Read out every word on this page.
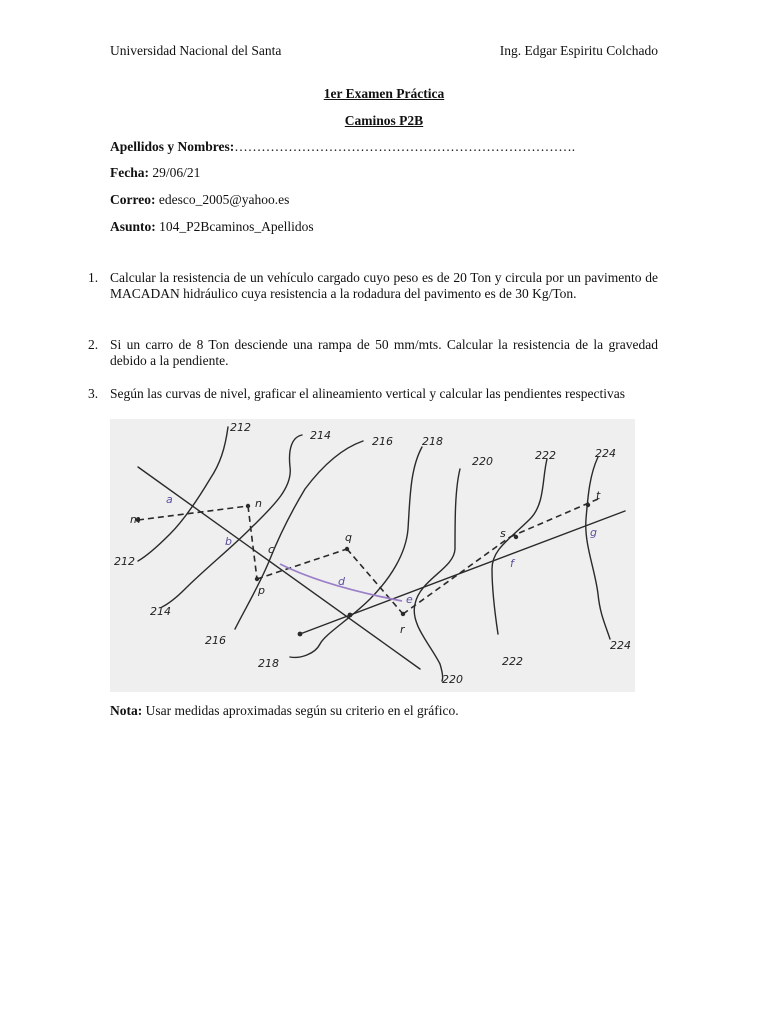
Universidad Nacional del Santa	Ing. Edgar Espiritu Colchado
1er Examen Práctica
Caminos P2B
Apellidos y Nombres:………………………………………………………………….
Fecha: 29/06/21
Correo: edesco_2005@yahoo.es
Asunto: 104_P2Bcaminos_Apellidos
1. Calcular la resistencia de un vehículo cargado cuyo peso es de 20 Ton y circula por un pavimento de MACADAN hidráulico cuya resistencia a la rodadura del pavimento es de 30 Kg/Ton.
2. Si un carro de 8 Ton desciende una rampa de 50 mm/mts. Calcular la resistencia de la gravedad debido a la pendiente.
3. Según las curvas de nivel, graficar el alineamiento vertical y calcular las pendientes respectivas
212
214	216	218
220	222	224
212
214
216
218
220
222
224
a
b
c
d
e
f
g
m
n
p
q
r
s
t
Nota: Usar medidas aproximadas según su criterio en el gráfico.
